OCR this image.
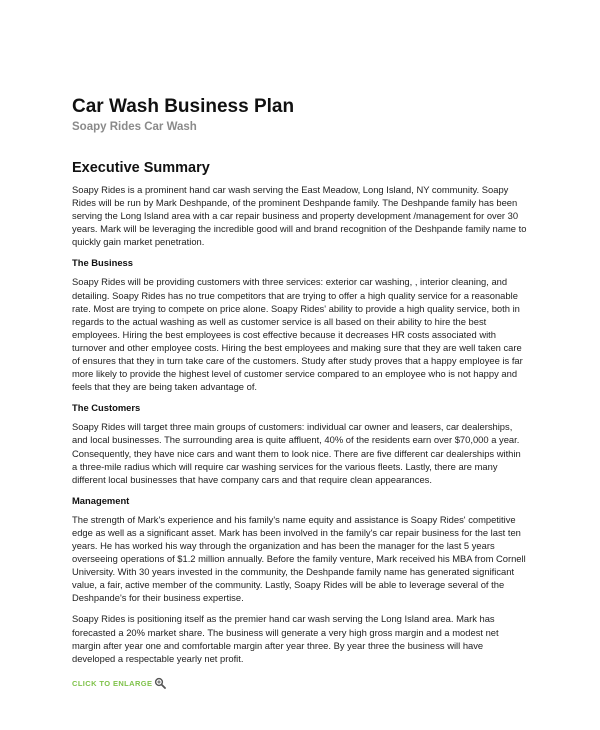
Car Wash Business Plan
Soapy Rides Car Wash
Executive Summary

Soapy Rides is a prominent hand car wash serving the East Meadow, Long Island, NY community. Soapy Rides will be run by Mark Deshpande, of the prominent Deshpande family. The Deshpande family has been serving the Long Island area with a car repair business and property development /management for over 30 years. Mark will be leveraging the incredible good will and brand recognition of the Deshpande family name to quickly gain market penetration.

The Business

Soapy Rides will be providing customers with three services: exterior car washing, , interior cleaning, and detailing. Soapy Rides has no true competitors that are trying to offer a high quality service for a reasonable rate. Most are trying to compete on price alone. Soapy Rides' ability to provide a high quality service, both in regards to the actual washing as well as customer service is all based on their ability to hire the best employees. Hiring the best employees is cost effective because it decreases HR costs associated with turnover and other employee costs. Hiring the best employees and making sure that they are well taken care of ensures that they in turn take care of the customers. Study after study proves that a happy employee is far more likely to provide the highest level of customer service compared to an employee who is not happy and feels that they are being taken advantage of.

The Customers

Soapy Rides will target three main groups of customers: individual car owner and leasers, car dealerships, and local businesses. The surrounding area is quite affluent, 40% of the residents earn over $70,000 a year. Consequently, they have nice cars and want them to look nice. There are five different car dealerships within a three-mile radius which will require car washing services for the various fleets. Lastly, there are many different local businesses that have company cars and that require clean appearances.

Management

The strength of Mark's experience and his family's name equity and assistance is Soapy Rides' competitive edge as well as a significant asset. Mark has been involved in the family's car repair business for the last ten years. He has worked his way through the organization and has been the manager for the last 5 years overseeing operations of $1.2 million annually. Before the family venture, Mark received his MBA from Cornell University. With 30 years invested in the community, the Deshpande family name has generated significant value, a fair, active member of the community. Lastly, Soapy Rides will be able to leverage several of the Deshpande's for their business expertise.

Soapy Rides is positioning itself as the premier hand car wash serving the Long Island area. Mark has forecasted a 20% market share. The business will generate a very high gross margin and a modest net margin after year one and comfortable margin after year three. By year three the business will have developed a respectable yearly net profit.

CLICK TO ENLARGE
